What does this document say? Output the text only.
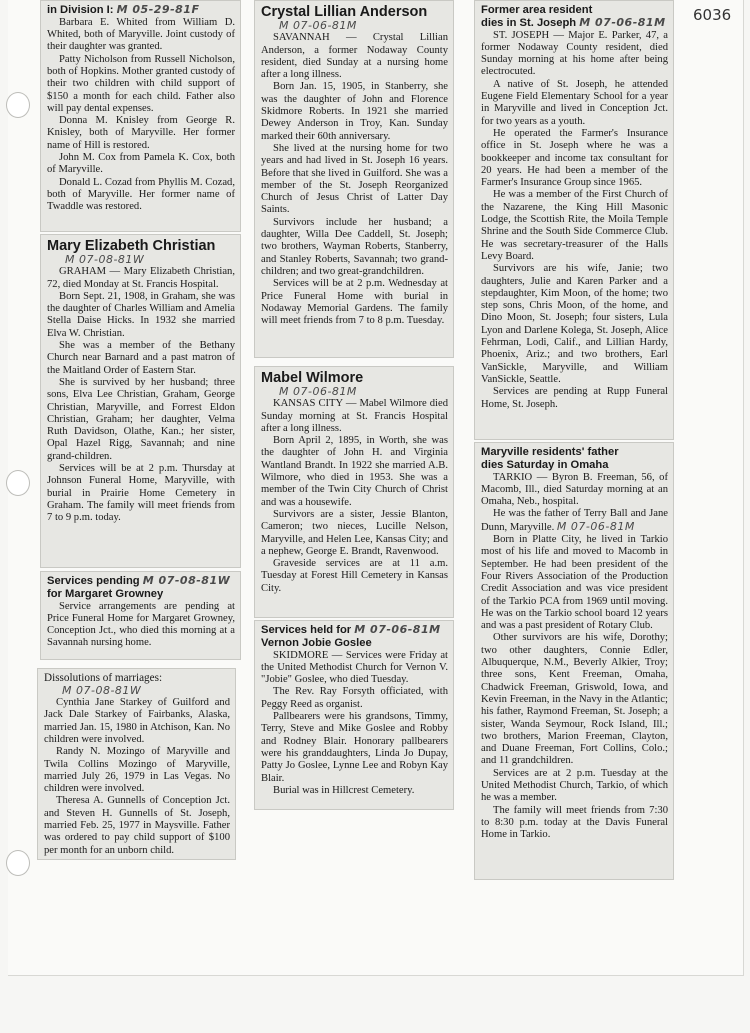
6036
in Division I: M 05-29-81F

Barbara E. Whited from William D. Whited, both of Maryville. Joint custody of their daughter was granted.

Patty Nicholson from Russell Nicholson, both of Hopkins. Mother granted custody of their two children with child support of $150 a month for each child. Father also will pay dental expenses.

Donna M. Knisley from George R. Knisley, both of Maryville. Her former name of Hill is restored.

John M. Cox from Pamela K. Cox, both of Maryville.

Donald L. Cozad from Phyllis M. Cozad, both of Maryville. Her former name of Twaddle was restored.

Mary Elizabeth Christian
M 07-08-81W

GRAHAM — Mary Elizabeth Christian, 72, died Monday at St. Francis Hospital.

Born Sept. 21, 1908, in Graham, she was the daughter of Charles William and Amelia Stella Daise Hicks. In 1932 she married Elva W. Christian.

She was a member of the Bethany Church near Barnard and a past matron of the Maitland Order of Eastern Star.

She is survived by her husband; three sons, Elva Lee Christian, Graham, George Christian, Maryville, and Forrest Eldon Christian, Graham; her daughter, Velma Ruth Davidson, Olathe, Kan.; her sister, Opal Hazel Rigg, Savannah; and nine grand-children.

Services will be at 2 p.m. Thursday at Johnson Funeral Home, Maryville, with burial in Prairie Home Cemetery in Graham. The family will meet friends from 7 to 9 p.m. today.

Services pending M 07-08-81W
for Margaret Growney

Service arrangements are pending at Price Funeral Home for Margaret Growney, Conception Jct., who died this morning at a Savannah nursing home.

Dissolutions of marriages:
M 07-08-81W

Cynthia Jane Starkey of Guilford and Jack Dale Starkey of Fairbanks, Alaska, married Jan. 15, 1980 in Atchison, Kan. No children were involved.

Randy N. Mozingo of Maryville and Twila Collins Mozingo of Maryville, married July 26, 1979 in Las Vegas. No children were involved.

Theresa A. Gunnells of Conception Jct. and Steven H. Gunnells of St. Joseph, married Feb. 25, 1977 in Maysville. Father was ordered to pay child support of $100 per month for an unborn child.

Crystal Lillian Anderson
M 07-06-81M

SAVANNAH — Crystal Lillian Anderson, a former Nodaway County resident, died Sunday at a nursing home after a long illness.

Born Jan. 15, 1905, in Stanberry, she was the daughter of John and Florence Skidmore Roberts. In 1921 she married Dewey Anderson in Troy, Kan. Sunday marked their 60th anniversary.

She lived at the nursing home for two years and had lived in St. Joseph 16 years. Before that she lived in Guilford. She was a member of the St. Joseph Reorganized Church of Jesus Christ of Latter Day Saints.

Survivors include her husband; a daughter, Willa Dee Caddell, St. Joseph; two brothers, Wayman Roberts, Stanberry, and Stanley Roberts, Savannah; two grand-children; and two great-grandchildren.

Services will be at 2 p.m. Wednesday at Price Funeral Home with burial in Nodaway Memorial Gardens. The family will meet friends from 7 to 8 p.m. Tuesday.

Mabel Wilmore
M 07-06-81M

KANSAS CITY — Mabel Wilmore died Sunday morning at St. Francis Hospital after a long illness.

Born April 2, 1895, in Worth, she was the daughter of John H. and Virginia Wantland Brandt. In 1922 she married A.B. Wilmore, who died in 1953. She was a member of the Twin City Church of Christ and was a housewife.

Survivors are a sister, Jessie Blanton, Cameron; two nieces, Lucille Nelson, Maryville, and Helen Lee, Kansas City; and a nephew, George E. Brandt, Ravenwood.

Graveside services are at 11 a.m. Tuesday at Forest Hill Cemetery in Kansas City.

Services held for M 07-06-81M
Vernon Jobie Goslee

SKIDMORE — Services were Friday at the United Methodist Church for Vernon V. "Jobie" Goslee, who died Tuesday.

The Rev. Ray Forsyth officiated, with Peggy Reed as organist.

Pallbearers were his grandsons, Timmy, Terry, Steve and Mike Goslee and Robby and Rodney Blair. Honorary pallbearers were his granddaughters, Linda Jo Dupay, Patty Jo Goslee, Lynne Lee and Robyn Kay Blair.

Burial was in Hillcrest Cemetery.

Former area resident
dies in St. Joseph M 07-06-81M

ST. JOSEPH — Major E. Parker, 47, a former Nodaway County resident, died Sunday morning at his home after being electrocuted.

A native of St. Joseph, he attended Eugene Field Elementary School for a year in Maryville and lived in Conception Jct. for two years as a youth.

He operated the Farmer's Insurance office in St. Joseph where he was a bookkeeper and income tax consultant for 20 years. He had been a member of the Farmer's Insurance Group since 1965.

He was a member of the First Church of the Nazarene, the King Hill Masonic Lodge, the Scottish Rite, the Moila Temple Shrine and the South Side Commerce Club. He was secretary-treasurer of the Halls Levy Board.

Survivors are his wife, Janie; two daughters, Julie and Karen Parker and a stepdaughter, Kim Moon, of the home; two step sons, Chris Moon, of the home, and Dino Moon, St. Joseph; four sisters, Lula Lyon and Darlene Kolega, St. Joseph, Alice Fehrman, Lodi, Calif., and Lillian Hardy, Phoenix, Ariz.; and two brothers, Earl VanSickle, Maryville, and William VanSickle, Seattle.

Services are pending at Rupp Funeral Home, St. Joseph.

Maryville residents' father
dies Saturday in Omaha

TARKIO — Byron B. Freeman, 56, of Macomb, Ill., died Saturday morning at an Omaha, Neb., hospital.

He was the father of Terry Ball and Jane Dunn, Maryville. M 07-06-81M

Born in Platte City, he lived in Tarkio most of his life and moved to Macomb in September. He had been president of the Four Rivers Association of the Production Credit Association and was vice president of the Tarkio PCA from 1969 until moving. He was on the Tarkio school board 12 years and was a past president of Rotary Club.

Other survivors are his wife, Dorothy; two other daughters, Connie Edler, Albuquerque, N.M., Beverly Alkier, Troy; three sons, Kent Freeman, Omaha, Chadwick Freeman, Griswold, Iowa, and Kevin Freeman, in the Navy in the Atlantic; his father, Raymond Freeman, St. Joseph; a sister, Wanda Seymour, Rock Island, Ill.; two brothers, Marion Freeman, Clayton, and Duane Freeman, Fort Collins, Colo.; and 11 grandchildren.

Services are at 2 p.m. Tuesday at the United Methodist Church, Tarkio, of which he was a member.

The family will meet friends from 7:30 to 8:30 p.m. today at the Davis Funeral Home in Tarkio.
